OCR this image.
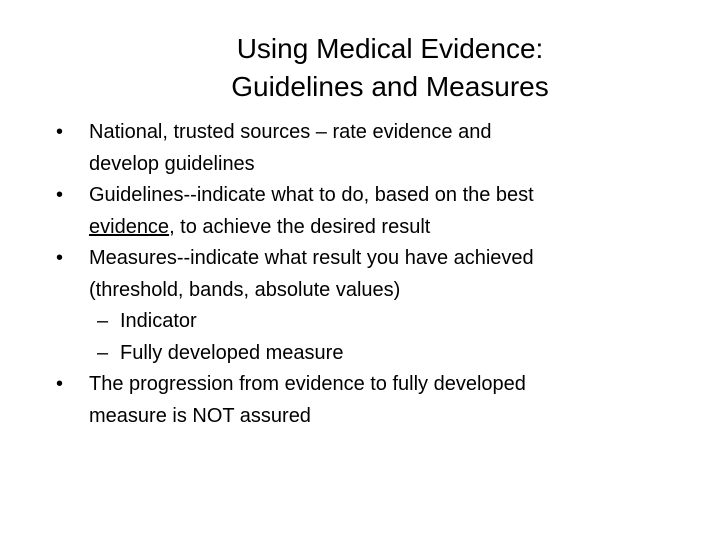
Using Medical Evidence:
Guidelines and Measures
•	National, trusted sources – rate evidence and
develop guidelines
•	Guidelines--indicate what to do, based on the best
evidence, to achieve the desired result
•	Measures--indicate what result you have achieved
(threshold, bands, absolute values)
– Indicator
– Fully developed measure
•	The progression from evidence to fully developed
measure is NOT assured
